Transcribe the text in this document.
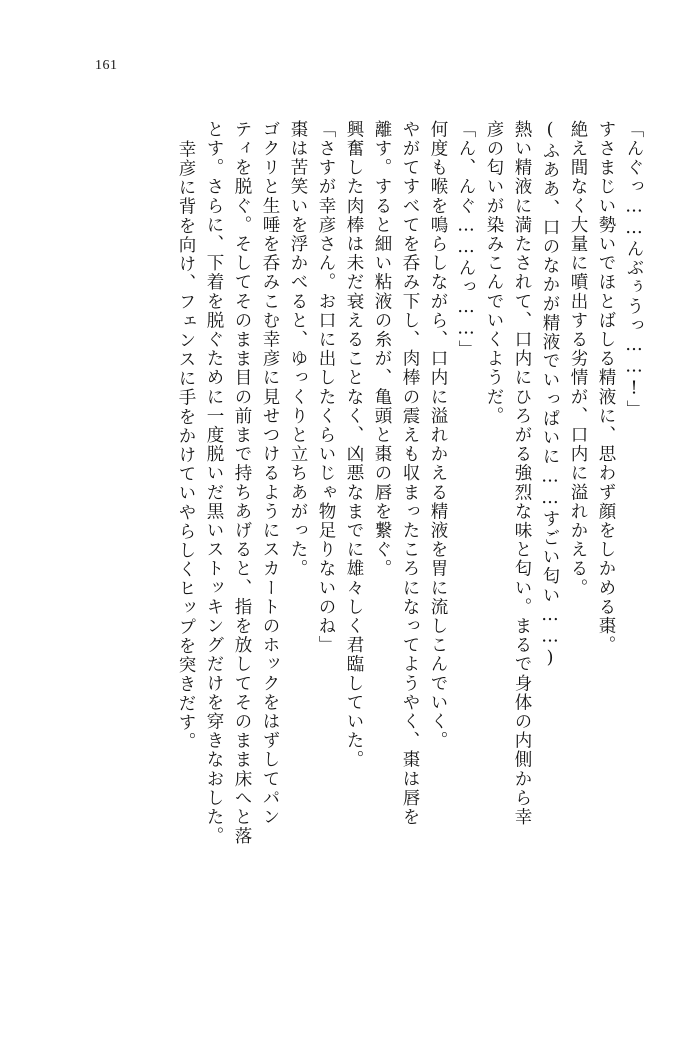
161
「んぐっ……んぶぅうっ……!」
すさまじい勢いでほとばしる精液に、思わず顔をしかめる棗。
絶え間なく大量に噴出する劣情が、口内に溢れかえる。
(ふああ、口のなかが精液でいっぱいに……すごい匂い……)
熱い精液に満たされて、口内にひろがる強烈な味と匂い。まるで身体の内側から幸
彦の匂いが染みこんでいくようだ。
「ん、んぐ……んっ……」
何度も喉を鳴らしながら、口内に溢れかえる精液を胃に流しこんでいく。
やがてすべてを呑み下し、肉棒の震えも収まったころになってようやく、棗は唇を
離す。すると細い粘液の糸が、亀頭と棗の唇を繋ぐ。
興奮した肉棒は未だ衰えることなく、凶悪なまでに雄々しく君臨していた。
「さすが幸彦さん。お口に出したくらいじゃ物足りないのね」
棗は苦笑いを浮かべると、ゆっくりと立ちあがった。
ゴクリと生唾を呑みこむ幸彦に見せつけるようにスカートのホックをはずしてパン
ティを脱ぐ。そしてそのまま目の前まで持ちあげると、指を放してそのまま床へと落
とす。さらに、下着を脱ぐために一度脱いだ黒いストッキングだけを穿きなおした。
幸彦に背を向け、フェンスに手をかけていやらしくヒップを突きだす。
